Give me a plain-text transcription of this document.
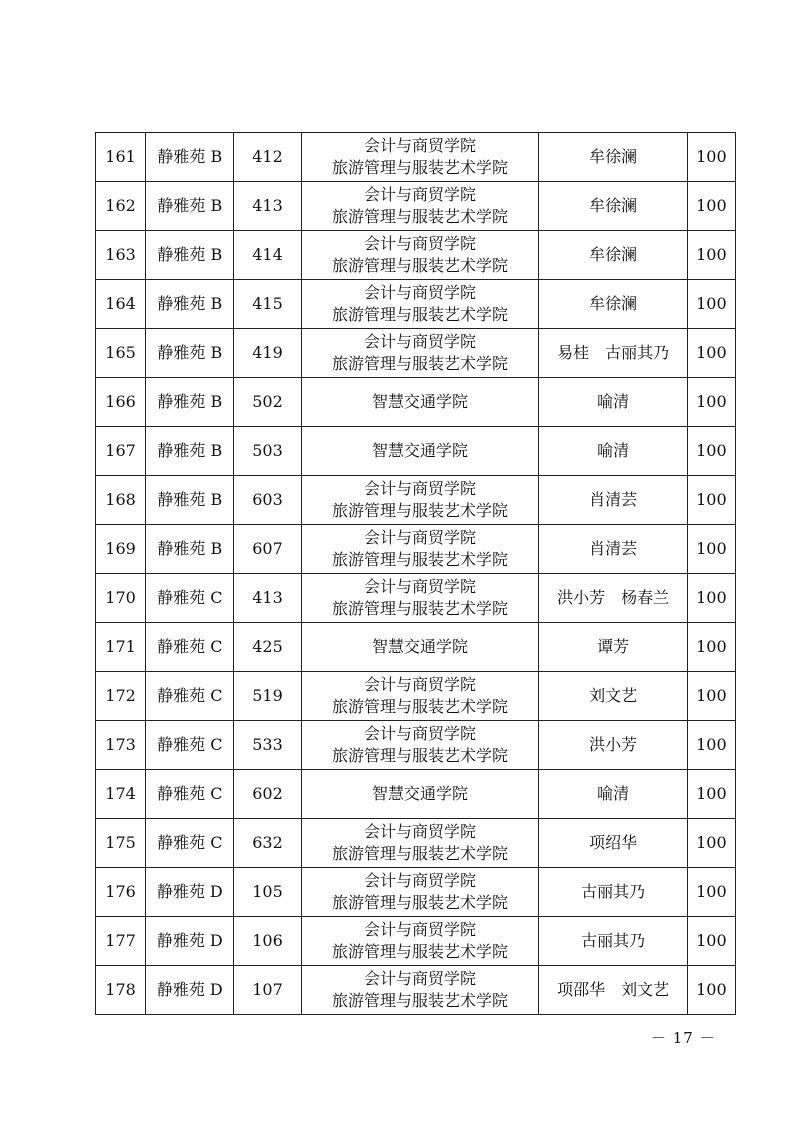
161	静雅苑 B	412	会计与商贸学院
旅游管理与服装艺术学院	牟徐澜	100
162	静雅苑 B	413	会计与商贸学院
旅游管理与服装艺术学院	牟徐澜	100
163	静雅苑 B	414	会计与商贸学院
旅游管理与服装艺术学院	牟徐澜	100
164	静雅苑 B	415	会计与商贸学院
旅游管理与服装艺术学院	牟徐澜	100
165	静雅苑 B	419	会计与商贸学院
旅游管理与服装艺术学院	易桂　古丽其乃	100
166	静雅苑 B	502	智慧交通学院	喻清	100
167	静雅苑 B	503	智慧交通学院	喻清	100
168	静雅苑 B	603	会计与商贸学院
旅游管理与服装艺术学院	肖清芸	100
169	静雅苑 B	607	会计与商贸学院
旅游管理与服装艺术学院	肖清芸	100
170	静雅苑 C	413	会计与商贸学院
旅游管理与服装艺术学院	洪小芳　杨春兰	100
171	静雅苑 C	425	智慧交通学院	谭芳	100
172	静雅苑 C	519	会计与商贸学院
旅游管理与服装艺术学院	刘文艺	100
173	静雅苑 C	533	会计与商贸学院
旅游管理与服装艺术学院	洪小芳	100
174	静雅苑 C	602	智慧交通学院	喻清	100
175	静雅苑 C	632	会计与商贸学院
旅游管理与服装艺术学院	项绍华	100
176	静雅苑 D	105	会计与商贸学院
旅游管理与服装艺术学院	古丽其乃	100
177	静雅苑 D	106	会计与商贸学院
旅游管理与服装艺术学院	古丽其乃	100
178	静雅苑 D	107	会计与商贸学院
旅游管理与服装艺术学院	项邵华　刘文艺	100
－ 17 －
